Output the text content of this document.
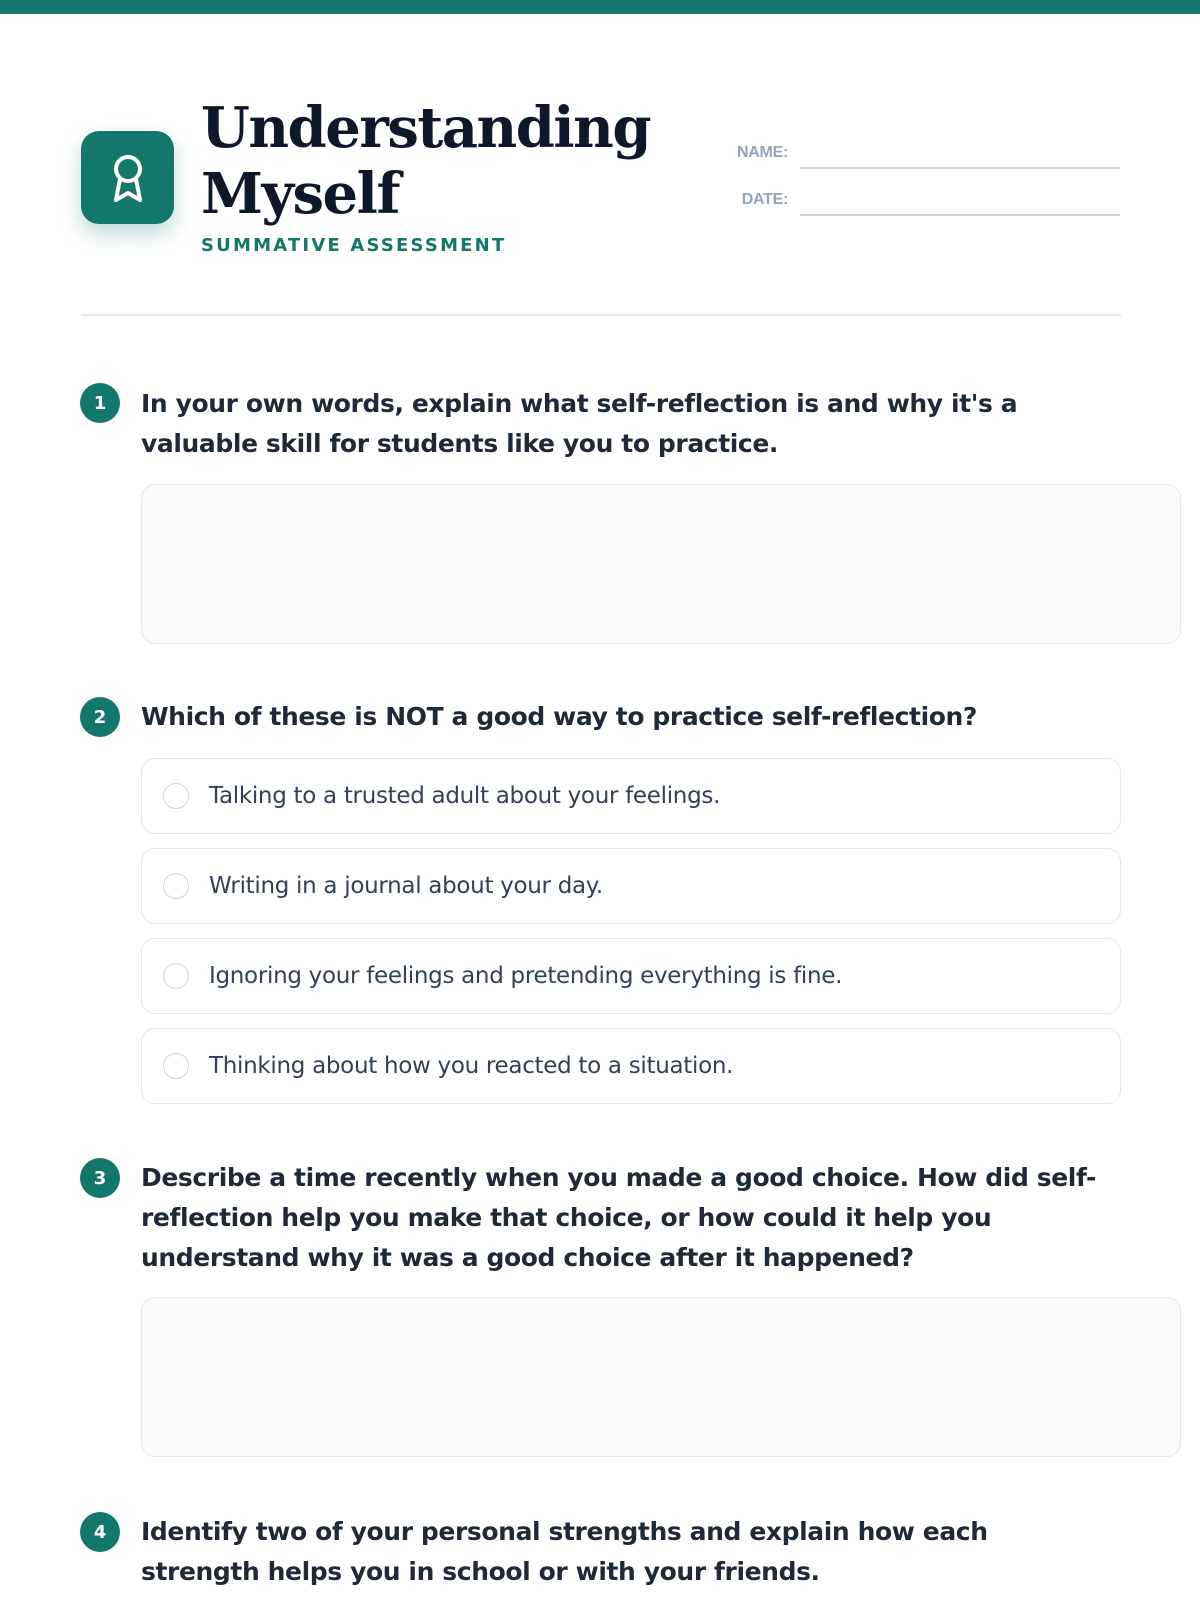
Understanding
Myself
SUMMATIVE ASSESSMENT
NAME:
DATE:
1	In your own words, explain what self-reflection is and why it's a valuable skill for students like you to practice.
2	Which of these is NOT a good way to practice self-reflection?
Talking to a trusted adult about your feelings.
Writing in a journal about your day.
Ignoring your feelings and pretending everything is fine.
Thinking about how you reacted to a situation.
3	Describe a time recently when you made a good choice. How did self-reflection help you make that choice, or how could it help you understand why it was a good choice after it happened?
4	Identify two of your personal strengths and explain how each strength helps you in school or with your friends.
